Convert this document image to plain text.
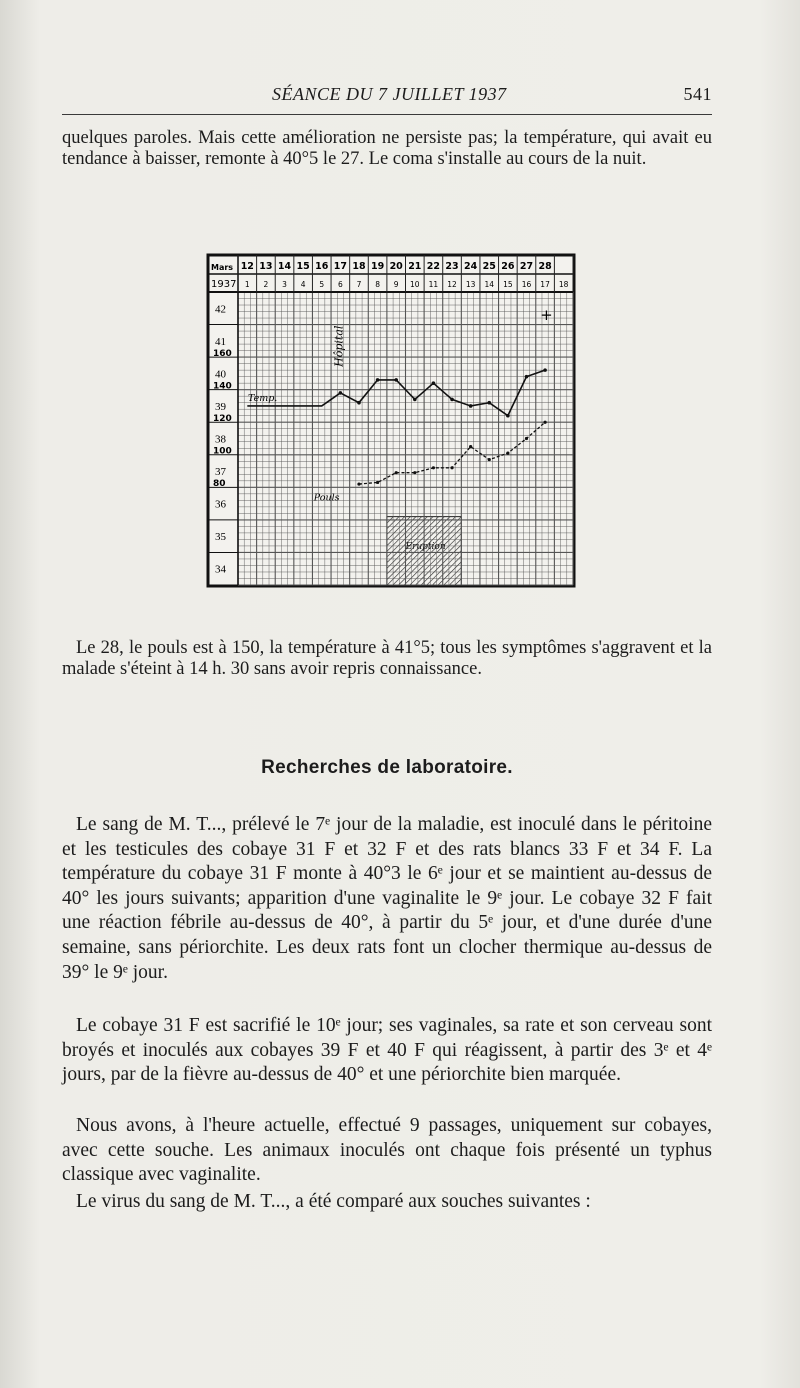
SÉANCE DU 7 JUILLET 1937	541
quelques paroles. Mais cette amélioration ne persiste pas; la température, qui avait eu tendance à baisser, remonte à 40°5 le 27. Le coma s'installe au cours de la nuit.
Mars
1937
12 13 14 15 16 17 18 19 20 21 22 23 24 25 26 27 28
1 2 3 4 5 6 7 8 9 10 11 12 13 14 15 16 17 18
42
41
40
39
38
37
36
35
34
160
140
120
100
80
Hôpital
Temp.
Pouls
Eruption
+
Le 28, le pouls est à 150, la température à 41°5; tous les symptômes s'aggravent et la malade s'éteint à 14 h. 30 sans avoir repris connaissance.
Recherches de laboratoire.
Le sang de M. T..., prélevé le 7ᵉ jour de la maladie, est inoculé dans le péritoine et les testicules des cobaye 31 F et 32 F et des rats blancs 33 F et 34 F. La température du cobaye 31 F monte à 40°3 le 6ᵉ jour et se maintient au-dessus de 40° les jours suivants; apparition d'une vaginalite le 9ᵉ jour. Le cobaye 32 F fait une réaction fébrile au-dessus de 40°, à partir du 5ᵉ jour, et d'une durée d'une semaine, sans périorchite. Les deux rats font un clocher thermique au-dessus de 39° le 9ᵉ jour.
Le cobaye 31 F est sacrifié le 10ᵉ jour; ses vaginales, sa rate et son cerveau sont broyés et inoculés aux cobayes 39 F et 40 F qui réagissent, à partir des 3ᵉ et 4ᵉ jours, par de la fièvre au-dessus de 40° et une périorchite bien marquée.
Nous avons, à l'heure actuelle, effectué 9 passages, uniquement sur cobayes, avec cette souche. Les animaux inoculés ont chaque fois présenté un typhus classique avec vaginalite.
Le virus du sang de M. T..., a été comparé aux souches suivantes :
